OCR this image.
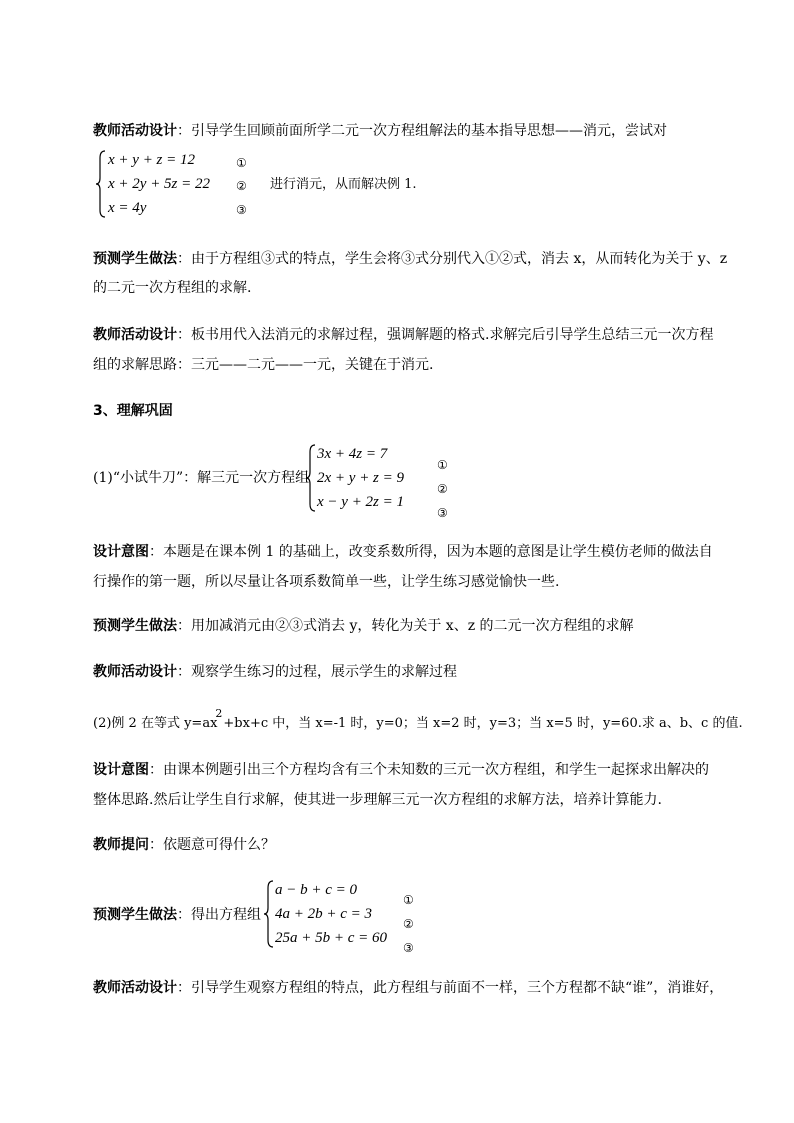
教师活动设计：引导学生回顾前面所学二元一次方程组解法的基本指导思想——消元，尝试对
x + y + z = 12
x + 2y + 5z = 22
x = 4y
①
②
③
进行消元，从而解决例 1.
预测学生做法：由于方程组③式的特点，学生会将③式分别代入①②式，消去 x，从而转化为关于 y、z
的二元一次方程组的求解.
教师活动设计：板书用代入法消元的求解过程，强调解题的格式.求解完后引导学生总结三元一次方程
组的求解思路：三元——二元——一元，关键在于消元.
3、理解巩固
(1)“小试牛刀”：解三元一次方程组
3x + 4z = 7
2x + y + z = 9
x − y + 2z = 1
①
②
③
设计意图：本题是在课本例 1 的基础上，改变系数所得，因为本题的意图是让学生模仿老师的做法自
行操作的第一题，所以尽量让各项系数简单一些，让学生练习感觉愉快一些.
预测学生做法：用加减消元由②③式消去 y，转化为关于 x、z 的二元一次方程组的求解
教师活动设计：观察学生练习的过程，展示学生的求解过程
(2)例 2 在等式 y=ax
2
+bx+c 中，当 x=-1 时，y=0；当 x=2 时，y=3；当 x=5 时，y=60.求 a、b、c 的值.
设计意图：由课本例题引出三个方程均含有三个未知数的三元一次方程组，和学生一起探求出解决的
整体思路.然后让学生自行求解，使其进一步理解三元一次方程组的求解方法，培养计算能力.
教师提问：依题意可得什么？
预测学生做法：得出方程组
a − b + c = 0
4a + 2b + c = 3
25a + 5b + c = 60
①
②
③
教师活动设计：引导学生观察方程组的特点，此方程组与前面不一样，三个方程都不缺“谁”，消谁好，
